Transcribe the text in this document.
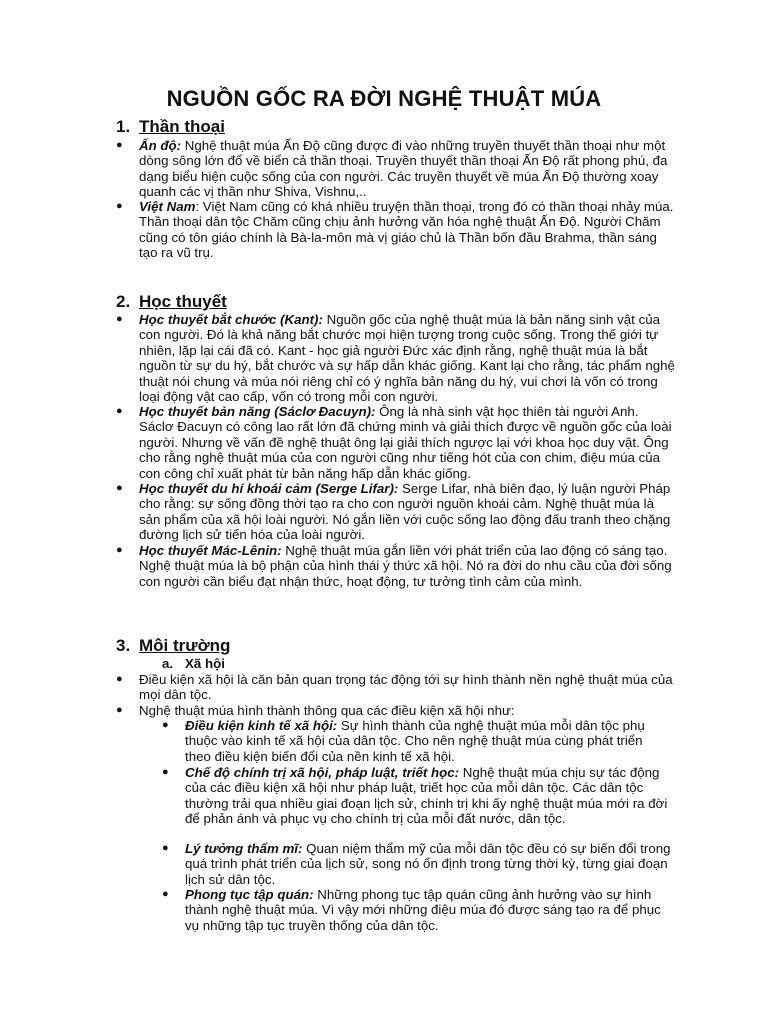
NGUỒN GỐC RA ĐỜI NGHỆ THUẬT MÚA
1. Thần thoại
● Ấn độ: Nghệ thuật múa Ấn Độ cũng được đi vào những truyền thuyết thần thoại như một dòng sông lớn đổ về biển cả thần thoại. Truyền thuyết thần thoại Ấn Độ rất phong phú, đa dạng biểu hiện cuộc sống của con người. Các truyền thuyết về múa Ấn Độ thường xoay quanh các vị thần như Shiva, Vishnu,..
● Việt Nam: Việt Nam cũng có khá nhiều truyện thần thoại, trong đó có thần thoại nhảy múa. Thần thoại dân tộc Chăm cũng chịu ảnh hưởng văn hóa nghệ thuật Ấn Độ. Người Chăm cũng có tôn giáo chính là Bà-la-môn mà vị giáo chủ là Thần bốn đầu Brahma, thần sáng tạo ra vũ trụ.
2. Học thuyết
● Học thuyết bắt chước (Kant): Nguồn gốc của nghệ thuật múa là bản năng sinh vật của con người. Đó là khả năng bắt chước mọi hiện tượng trong cuộc sống. Trong thế giới tự nhiên, lặp lại cái đã có. Kant - học giả người Đức xác định rằng, nghệ thuật múa là bắt nguồn từ sự du hý, bắt chước và sự hấp dẫn khác giống. Kant lại cho rằng, tác phẩm nghệ thuật nói chung và múa nói riêng chỉ có ý nghĩa bản năng du hý, vui chơi là vốn có trong loại động vật cao cấp, vốn có trong mỗi con người.
● Học thuyết bản năng (Sáclơ Đacuyn): Ông là nhà sinh vật học thiên tài người Anh. Sáclơ Đacuyn có công lao rất lớn đã chứng minh và giải thích được về nguồn gốc của loài người. Nhưng về vấn đề nghệ thuật ông lại giải thích ngược lại với khoa học duy vật. Ông cho rằng nghệ thuật múa của con người cũng như tiếng hót của con chim, điệu múa của con công chỉ xuất phát từ bản năng hấp dẫn khác giống.
● Học thuyết du hí khoái cảm (Serge Lifar): Serge Lifar, nhà biên đạo, lý luận người Pháp cho rằng: sự sống đồng thời tạo ra cho con người nguồn khoái cảm. Nghệ thuật múa là sản phẩm của xã hội loài người. Nó gắn liền với cuộc sống lao động đấu tranh theo chặng đường lịch sử tiến hóa của loài người.
● Học thuyết Mác-Lênin: Nghệ thuật múa gắn liền với phát triển của lao động có sáng tạo. Nghệ thuật múa là bộ phận của hình thái ý thức xã hội. Nó ra đời do nhu cầu của đời sống con người cần biểu đạt nhận thức, hoạt động, tư tưởng tình cảm của mình.
3. Môi trường
a. Xã hội
● Điều kiện xã hội là căn bản quan trọng tác động tới sự hình thành nền nghệ thuật múa của mọi dân tộc.
● Nghệ thuật múa hình thành thông qua các điều kiện xã hội như:
● Điều kiện kinh tế xã hội: Sự hình thành của nghệ thuật múa mỗi dân tộc phụ thuộc vào kinh tế xã hội của dân tộc. Cho nên nghệ thuật múa cùng phát triển theo điều kiện biến đổi của nền kinh tế xã hội.
● Chế độ chính trị xã hội, pháp luật, triết học: Nghệ thuật múa chịu sự tác động của các điều kiện xã hội như pháp luật, triết học của mỗi dân tộc. Các dân tộc thường trải qua nhiều giai đoạn lịch sử, chính trị khi ấy nghệ thuật múa mới ra đời để phản ánh và phục vụ cho chính trị của mỗi đất nước, dân tộc.
● Lý tưởng thẩm mĩ: Quan niệm thẩm mỹ của mỗi dân tộc đều có sự biến đổi trong quá trình phát triển của lịch sử, song nó ổn định trong từng thời kỳ, từng giai đoạn lịch sử dân tộc.
● Phong tục tập quán: Những phong tục tập quán cũng ảnh hưởng vào sự hình thành nghệ thuật múa. Vì vậy mới những điệu múa đó được sáng tạo ra để phục vụ những tập tục truyền thống của dân tộc.
